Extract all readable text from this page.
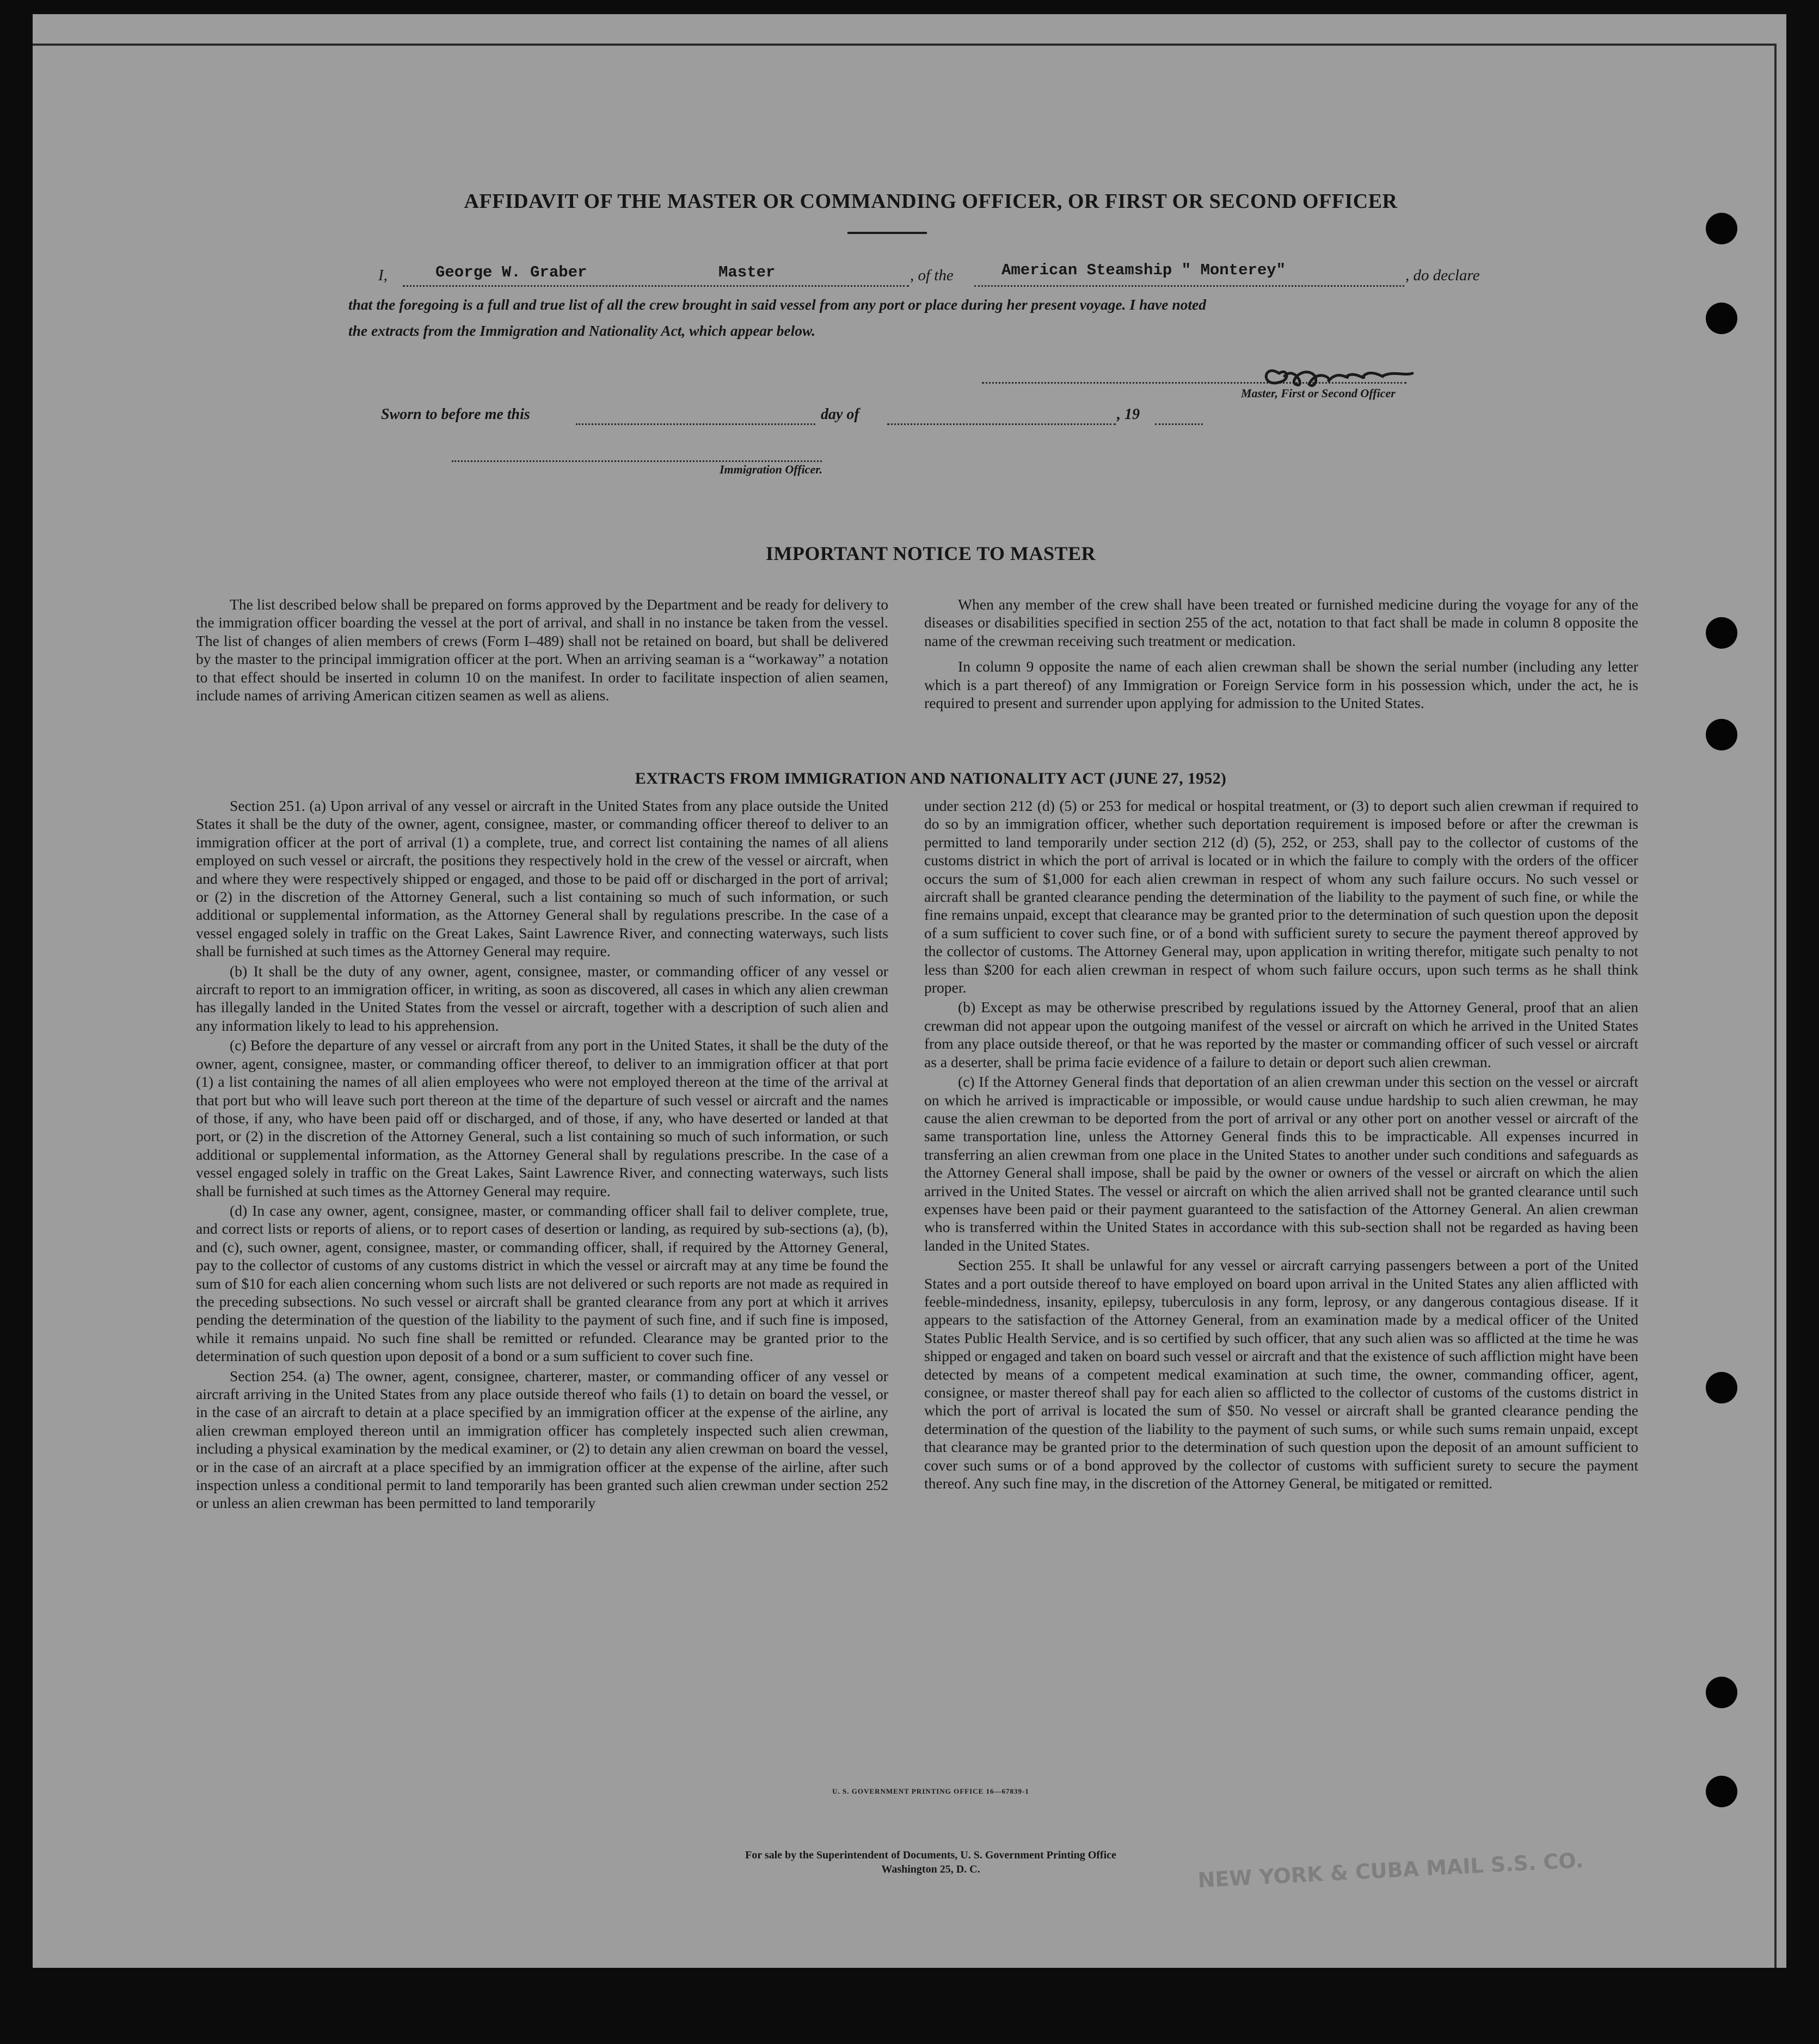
AFFIDAVIT OF THE MASTER OR COMMANDING OFFICER, OR FIRST OR SECOND OFFICER
I,	George W. Graber	Master	, of the	American Steamship " Monterey"	, do declare
that the foregoing is a full and true list of all the crew brought in said vessel from any port or place during her present voyage. I have noted
the extracts from the Immigration and Nationality Act, which appear below.
Master, First or Second Officer
Sworn to before me this	day of	, 19
Immigration Officer.
IMPORTANT NOTICE TO MASTER

The list described below shall be prepared on forms approved by the Department and be ready for delivery to the immigration officer boarding the vessel at the port of arrival, and shall in no instance be taken from the vessel. The list of changes of alien members of crews (Form I–489) shall not be retained on board, but shall be delivered by the master to the principal immigration officer at the port. When an arriving seaman is a “workaway” a notation to that effect should be inserted in column 10 on the manifest. In order to facilitate inspection of alien seamen, include names of arriving American citizen seamen as well as aliens.

When any member of the crew shall have been treated or furnished medicine during the voyage for any of the diseases or disabilities specified in section 255 of the act, notation to that fact shall be made in column 8 opposite the name of the crewman receiving such treatment or medication.

In column 9 opposite the name of each alien crewman shall be shown the serial number (including any letter which is a part thereof) of any Immigration or Foreign Service form in his possession which, under the act, he is required to present and surrender upon applying for admission to the United States.

EXTRACTS FROM IMMIGRATION AND NATIONALITY ACT (JUNE 27, 1952)

Section 251. (a) Upon arrival of any vessel or aircraft in the United States from any place outside the United States it shall be the duty of the owner, agent, consignee, master, or commanding officer thereof to deliver to an immigration officer at the port of arrival (1) a complete, true, and correct list containing the names of all aliens employed on such vessel or aircraft, the positions they respectively hold in the crew of the vessel or aircraft, when and where they were respectively shipped or engaged, and those to be paid off or discharged in the port of arrival; or (2) in the discretion of the Attorney General, such a list containing so much of such information, or such additional or supplemental information, as the Attorney General shall by regulations prescribe. In the case of a vessel engaged solely in traffic on the Great Lakes, Saint Lawrence River, and connecting waterways, such lists shall be furnished at such times as the Attorney General may require.

(b) It shall be the duty of any owner, agent, consignee, master, or commanding officer of any vessel or aircraft to report to an immigration officer, in writing, as soon as discovered, all cases in which any alien crewman has illegally landed in the United States from the vessel or aircraft, together with a description of such alien and any information likely to lead to his apprehension.

(c) Before the departure of any vessel or aircraft from any port in the United States, it shall be the duty of the owner, agent, consignee, master, or commanding officer thereof, to deliver to an immigration officer at that port (1) a list containing the names of all alien employees who were not employed thereon at the time of the arrival at that port but who will leave such port thereon at the time of the departure of such vessel or aircraft and the names of those, if any, who have been paid off or discharged, and of those, if any, who have deserted or landed at that port, or (2) in the discretion of the Attorney General, such a list containing so much of such information, or such additional or supplemental information, as the Attorney General shall by regulations prescribe. In the case of a vessel engaged solely in traffic on the Great Lakes, Saint Lawrence River, and connecting waterways, such lists shall be furnished at such times as the Attorney General may require.

(d) In case any owner, agent, consignee, master, or commanding officer shall fail to deliver complete, true, and correct lists or reports of aliens, or to report cases of desertion or landing, as required by sub-sections (a), (b), and (c), such owner, agent, consignee, master, or commanding officer, shall, if required by the Attorney General, pay to the collector of customs of any customs district in which the vessel or aircraft may at any time be found the sum of $10 for each alien concerning whom such lists are not delivered or such reports are not made as required in the preceding subsections. No such vessel or aircraft shall be granted clearance from any port at which it arrives pending the determination of the question of the liability to the payment of such fine, and if such fine is imposed, while it remains unpaid. No such fine shall be remitted or refunded. Clearance may be granted prior to the determination of such question upon deposit of a bond or a sum sufficient to cover such fine.

Section 254. (a) The owner, agent, consignee, charterer, master, or commanding officer of any vessel or aircraft arriving in the United States from any place outside thereof who fails (1) to detain on board the vessel, or in the case of an aircraft to detain at a place specified by an immigration officer at the expense of the airline, any alien crewman employed thereon until an immigration officer has completely inspected such alien crewman, including a physical examination by the medical examiner, or (2) to detain any alien crewman on board the vessel, or in the case of an aircraft at a place specified by an immigration officer at the expense of the airline, after such inspection unless a conditional permit to land temporarily has been granted such alien crewman under section 252 or unless an alien crewman has been permitted to land temporarily

under section 212 (d) (5) or 253 for medical or hospital treatment, or (3) to deport such alien crewman if required to do so by an immigration officer, whether such deportation requirement is imposed before or after the crewman is permitted to land temporarily under section 212 (d) (5), 252, or 253, shall pay to the collector of customs of the customs district in which the port of arrival is located or in which the failure to comply with the orders of the officer occurs the sum of $1,000 for each alien crewman in respect of whom any such failure occurs. No such vessel or aircraft shall be granted clearance pending the determination of the liability to the payment of such fine, or while the fine remains unpaid, except that clearance may be granted prior to the determination of such question upon the deposit of a sum sufficient to cover such fine, or of a bond with sufficient surety to secure the payment thereof approved by the collector of customs. The Attorney General may, upon application in writing therefor, mitigate such penalty to not less than $200 for each alien crewman in respect of whom such failure occurs, upon such terms as he shall think proper.

(b) Except as may be otherwise prescribed by regulations issued by the Attorney General, proof that an alien crewman did not appear upon the outgoing manifest of the vessel or aircraft on which he arrived in the United States from any place outside thereof, or that he was reported by the master or commanding officer of such vessel or aircraft as a deserter, shall be prima facie evidence of a failure to detain or deport such alien crewman.

(c) If the Attorney General finds that deportation of an alien crewman under this section on the vessel or aircraft on which he arrived is impracticable or impossible, or would cause undue hardship to such alien crewman, he may cause the alien crewman to be deported from the port of arrival or any other port on another vessel or aircraft of the same transportation line, unless the Attorney General finds this to be impracticable. All expenses incurred in transferring an alien crewman from one place in the United States to another under such conditions and safeguards as the Attorney General shall impose, shall be paid by the owner or owners of the vessel or aircraft on which the alien arrived in the United States. The vessel or aircraft on which the alien arrived shall not be granted clearance until such expenses have been paid or their payment guaranteed to the satisfaction of the Attorney General. An alien crewman who is transferred within the United States in accordance with this sub-section shall not be regarded as having been landed in the United States.

Section 255. It shall be unlawful for any vessel or aircraft carrying passengers between a port of the United States and a port outside thereof to have employed on board upon arrival in the United States any alien afflicted with feeble-mindedness, insanity, epilepsy, tuberculosis in any form, leprosy, or any dangerous contagious disease. If it appears to the satisfaction of the Attorney General, from an examination made by a medical officer of the United States Public Health Service, and is so certified by such officer, that any such alien was so afflicted at the time he was shipped or engaged and taken on board such vessel or aircraft and that the existence of such affliction might have been detected by means of a competent medical examination at such time, the owner, commanding officer, agent, consignee, or master thereof shall pay for each alien so afflicted to the collector of customs of the customs district in which the port of arrival is located the sum of $50. No vessel or aircraft shall be granted clearance pending the determination of the question of the liability to the payment of such sums, or while such sums remain unpaid, except that clearance may be granted prior to the determination of such question upon the deposit of an amount sufficient to cover such sums or of a bond approved by the collector of customs with sufficient surety to secure the payment thereof. Any such fine may, in the discretion of the Attorney General, be mitigated or remitted.

U. S. GOVERNMENT PRINTING OFFICE 16—67839-1
For sale by the Superintendent of Documents, U. S. Government Printing Office
Washington 25, D. C.	NEW YORK & CUBA MAIL S.S. CO.
